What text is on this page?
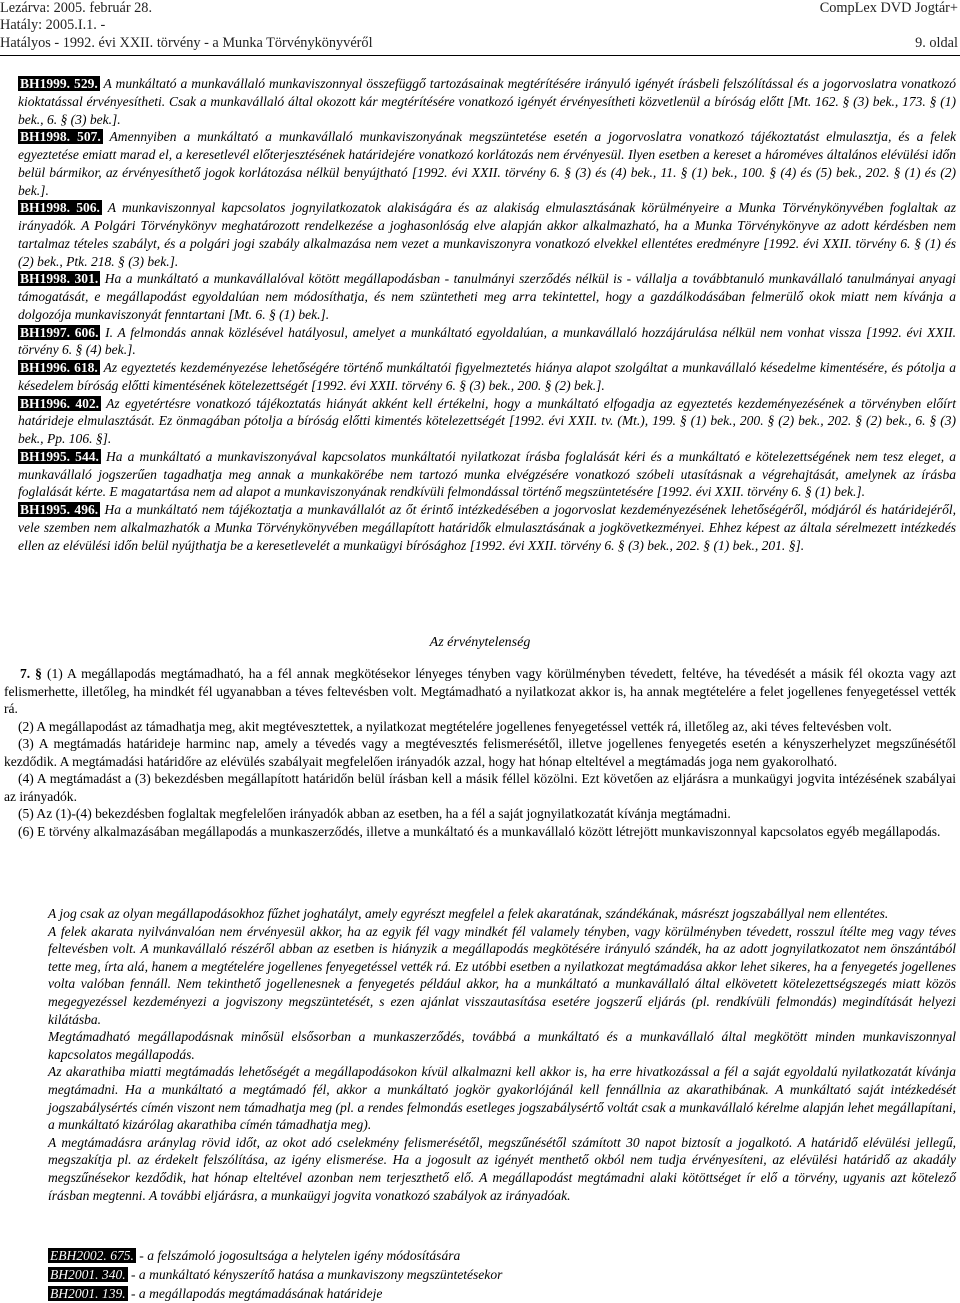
Lezárva: 2005. február 28.
Hatály: 2005.I.1. -
Hatályos - 1992. évi XXII. törvény - a Munka Törvénykönyvéről
CompLex DVD Jogtár+
9. oldal

BH1999. 529. A munkáltató a munkavállaló munkaviszonnyal összefüggő tartozásainak megtérítésére irányuló igényét írásbeli felszólítással és a jogorvoslatra vonatkozó kioktatással érvényesítheti. Csak a munkavállaló által okozott kár megtérítésére vonatkozó igényét érvényesítheti közvetlenül a bíróság előtt [Mt. 162. § (3) bek., 173. § (1) bek., 6. § (3) bek.].

BH1998. 507. Amennyiben a munkáltató a munkavállaló munkaviszonyának megszüntetése esetén a jogorvoslatra vonatkozó tájékoztatást elmulasztja, és a felek egyeztetése emiatt marad el, a keresetlevél előterjesztésének határidejére vonatkozó korlátozás nem érvényesül. Ilyen esetben a kereset a hároméves általános elévülési időn belül bármikor, az érvényesíthető jogok korlátozása nélkül benyújtható [1992. évi XXII. törvény 6. § (3) és (4) bek., 11. § (1) bek., 100. § (4) és (5) bek., 202. § (1) és (2) bek.].

BH1998. 506. A munkaviszonnyal kapcsolatos jognyilatkozatok alakiságára és az alakiság elmulasztásának körülményeire a Munka Törvénykönyvében foglaltak az irányadók. A Polgári Törvénykönyv meghatározott rendelkezése a joghasonlóság elve alapján akkor alkalmazható, ha a Munka Törvénykönyve az adott kérdésben nem tartalmaz tételes szabályt, és a polgári jogi szabály alkalmazása nem vezet a munkaviszonyra vonatkozó elvekkel ellentétes eredményre [1992. évi XXII. törvény 6. § (1) és (2) bek., Ptk. 218. § (3) bek.].

BH1998. 301. Ha a munkáltató a munkavállalóval kötött megállapodásban - tanulmányi szerződés nélkül is - vállalja a továbbtanuló munkavállaló tanulmányai anyagi támogatását, e megállapodást egyoldalúan nem módosíthatja, és nem szüntetheti meg arra tekintettel, hogy a gazdálkodásában felmerülő okok miatt nem kívánja a dolgozója munkaviszonyát fenntartani [Mt. 6. § (1) bek.].

BH1997. 606. I. A felmondás annak közlésével hatályosul, amelyet a munkáltató egyoldalúan, a munkavállaló hozzájárulása nélkül nem vonhat vissza [1992. évi XXII. törvény 6. § (4) bek.].

BH1996. 618. Az egyeztetés kezdeményezése lehetőségére történő munkáltatói figyelmeztetés hiánya alapot szolgáltat a munkavállaló késedelme kimentésére, és pótolja a késedelem bíróság előtti kimentésének kötelezettségét [1992. évi XXII. törvény 6. § (3) bek., 200. § (2) bek.].

BH1996. 402. Az egyetértésre vonatkozó tájékoztatás hiányát akként kell értékelni, hogy a munkáltató elfogadja az egyeztetés kezdeményezésének a törvényben előírt határideje elmulasztását. Ez önmagában pótolja a bíróság előtti kimentés kötelezettségét [1992. évi XXII. tv. (Mt.), 199. § (1) bek., 200. § (2) bek., 202. § (2) bek., 6. § (3) bek., Pp. 106. §].

BH1995. 544. Ha a munkáltató a munkaviszonyával kapcsolatos munkáltatói nyilatkozat írásba foglalását kéri és a munkáltató e kötelezettségének nem tesz eleget, a munkavállaló jogszerűen tagadhatja meg annak a munkakörébe nem tartozó munka elvégzésére vonatkozó szóbeli utasításnak a végrehajtását, amelynek az írásba foglalását kérte. E magatartása nem ad alapot a munkaviszonyának rendkívüli felmondással történő megszüntetésére [1992. évi XXII. törvény 6. § (1) bek.].

BH1995. 496. Ha a munkáltató nem tájékoztatja a munkavállalót az őt érintő intézkedésében a jogorvoslat kezdeményezésének lehetőségéről, módjáról és határidejéről, vele szemben nem alkalmazhatók a Munka Törvénykönyvében megállapított határidők elmulasztásának a jogkövetkezményei. Ehhez képest az általa sérelmezett intézkedés ellen az elévülési időn belül nyújthatja be a keresetlevelét a munkaügyi bírósághoz [1992. évi XXII. törvény 6. § (3) bek., 202. § (1) bek., 201. §].

Az érvénytelenség

7. § (1) A megállapodás megtámadható, ha a fél annak megkötésekor lényeges tényben vagy körülményben tévedett, feltéve, ha tévedését a másik fél okozta vagy azt felismerhette, illetőleg, ha mindkét fél ugyanabban a téves feltevésben volt. Megtámadható a nyilatkozat akkor is, ha annak megtételére a felet jogellenes fenyegetéssel vették rá.

(2) A megállapodást az támadhatja meg, akit megtévesztettek, a nyilatkozat megtételére jogellenes fenyegetéssel vették rá, illetőleg az, aki téves feltevésben volt.

(3) A megtámadás határideje harminc nap, amely a tévedés vagy a megtévesztés felismerésétől, illetve jogellenes fenyegetés esetén a kényszerhelyzet megszűnésétől kezdődik. A megtámadási határidőre az elévülés szabályait megfelelően irányadók azzal, hogy hat hónap elteltével a megtámadás joga nem gyakorolható.

(4) A megtámadást a (3) bekezdésben megállapított határidőn belül írásban kell a másik féllel közölni. Ezt követően az eljárásra a munkaügyi jogvita intézésének szabályai az irányadók.

(5) Az (1)-(4) bekezdésben foglaltak megfelelően irányadók abban az esetben, ha a fél a saját jognyilatkozatát kívánja megtámadni.

(6) E törvény alkalmazásában megállapodás a munkaszerződés, illetve a munkáltató és a munkavállaló között létrejött munkaviszonnyal kapcsolatos egyéb megállapodás.

A jog csak az olyan megállapodásokhoz fűzhet joghatályt, amely egyrészt megfelel a felek akaratának, szándékának, másrészt jogszabállyal nem ellentétes.

A felek akarata nyilvánvalóan nem érvényesül akkor, ha az egyik fél vagy mindkét fél valamely tényben, vagy körülményben tévedett, rosszul ítélte meg vagy téves feltevésben volt. A munkavállaló részéről abban az esetben is hiányzik a megállapodás megkötésére irányuló szándék, ha az adott jognyilatkozatot nem önszántából tette meg, írta alá, hanem a megtételére jogellenes fenyegetéssel vették rá. Ez utóbbi esetben a nyilatkozat megtámadása akkor lehet sikeres, ha a fenyegetés jogellenes volta valóban fennáll. Nem tekinthető jogellenesnek a fenyegetés például akkor, ha a munkáltató a munkavállaló által elkövetett kötelezettségszegés miatt közös megegyezéssel kezdeményezi a jogviszony megszüntetését, s ezen ajánlat visszautasítása esetére jogszerű eljárás (pl. rendkívüli felmondás) megindítását helyezi kilátásba.

Megtámadható megállapodásnak minősül elsősorban a munkaszerződés, továbbá a munkáltató és a munkavállaló által megkötött minden munkaviszonnyal kapcsolatos megállapodás.

Az akarathiba miatti megtámadás lehetőségét a megállapodásokon kívül alkalmazni kell akkor is, ha erre hivatkozással a fél a saját egyoldalú nyilatkozatát kívánja megtámadni. Ha a munkáltató a megtámadó fél, akkor a munkáltató jogkör gyakorlójánál kell fennállnia az akarathibának. A munkáltató saját intézkedését jogszabálysértés címén viszont nem támadhatja meg (pl. a rendes felmondás esetleges jogszabálysértő voltát csak a munkavállaló kérelme alapján lehet megállapítani, a munkáltató kizárólag akarathiba címén támadhatja meg).

A megtámadásra aránylag rövid időt, az okot adó cselekmény felismerésétől, megszűnésétől számított 30 napot biztosít a jogalkotó. A határidő elévülési jellegű, megszakítja pl. az érdekelt felszólítása, az igény elismerése. Ha a jogosult az igényét menthető okból nem tudja érvényesíteni, az elévülési határidő az akadály megszűnésekor kezdődik, hat hónap elteltével azonban nem terjeszthető elő. A megállapodást megtámadni alaki kötöttséget ír elő a törvény, ugyanis azt kötelező írásban megtenni. A további eljárásra, a munkaügyi jogvita vonatkozó szabályok az irányadóak.

EBH2002. 675. - a felszámoló jogosultsága a helytelen igény módosítására

BH2001. 340. - a munkáltató kényszerítő hatása a munkaviszony megszüntetésekor

BH2001. 139. - a megállapodás megtámadásának határideje
